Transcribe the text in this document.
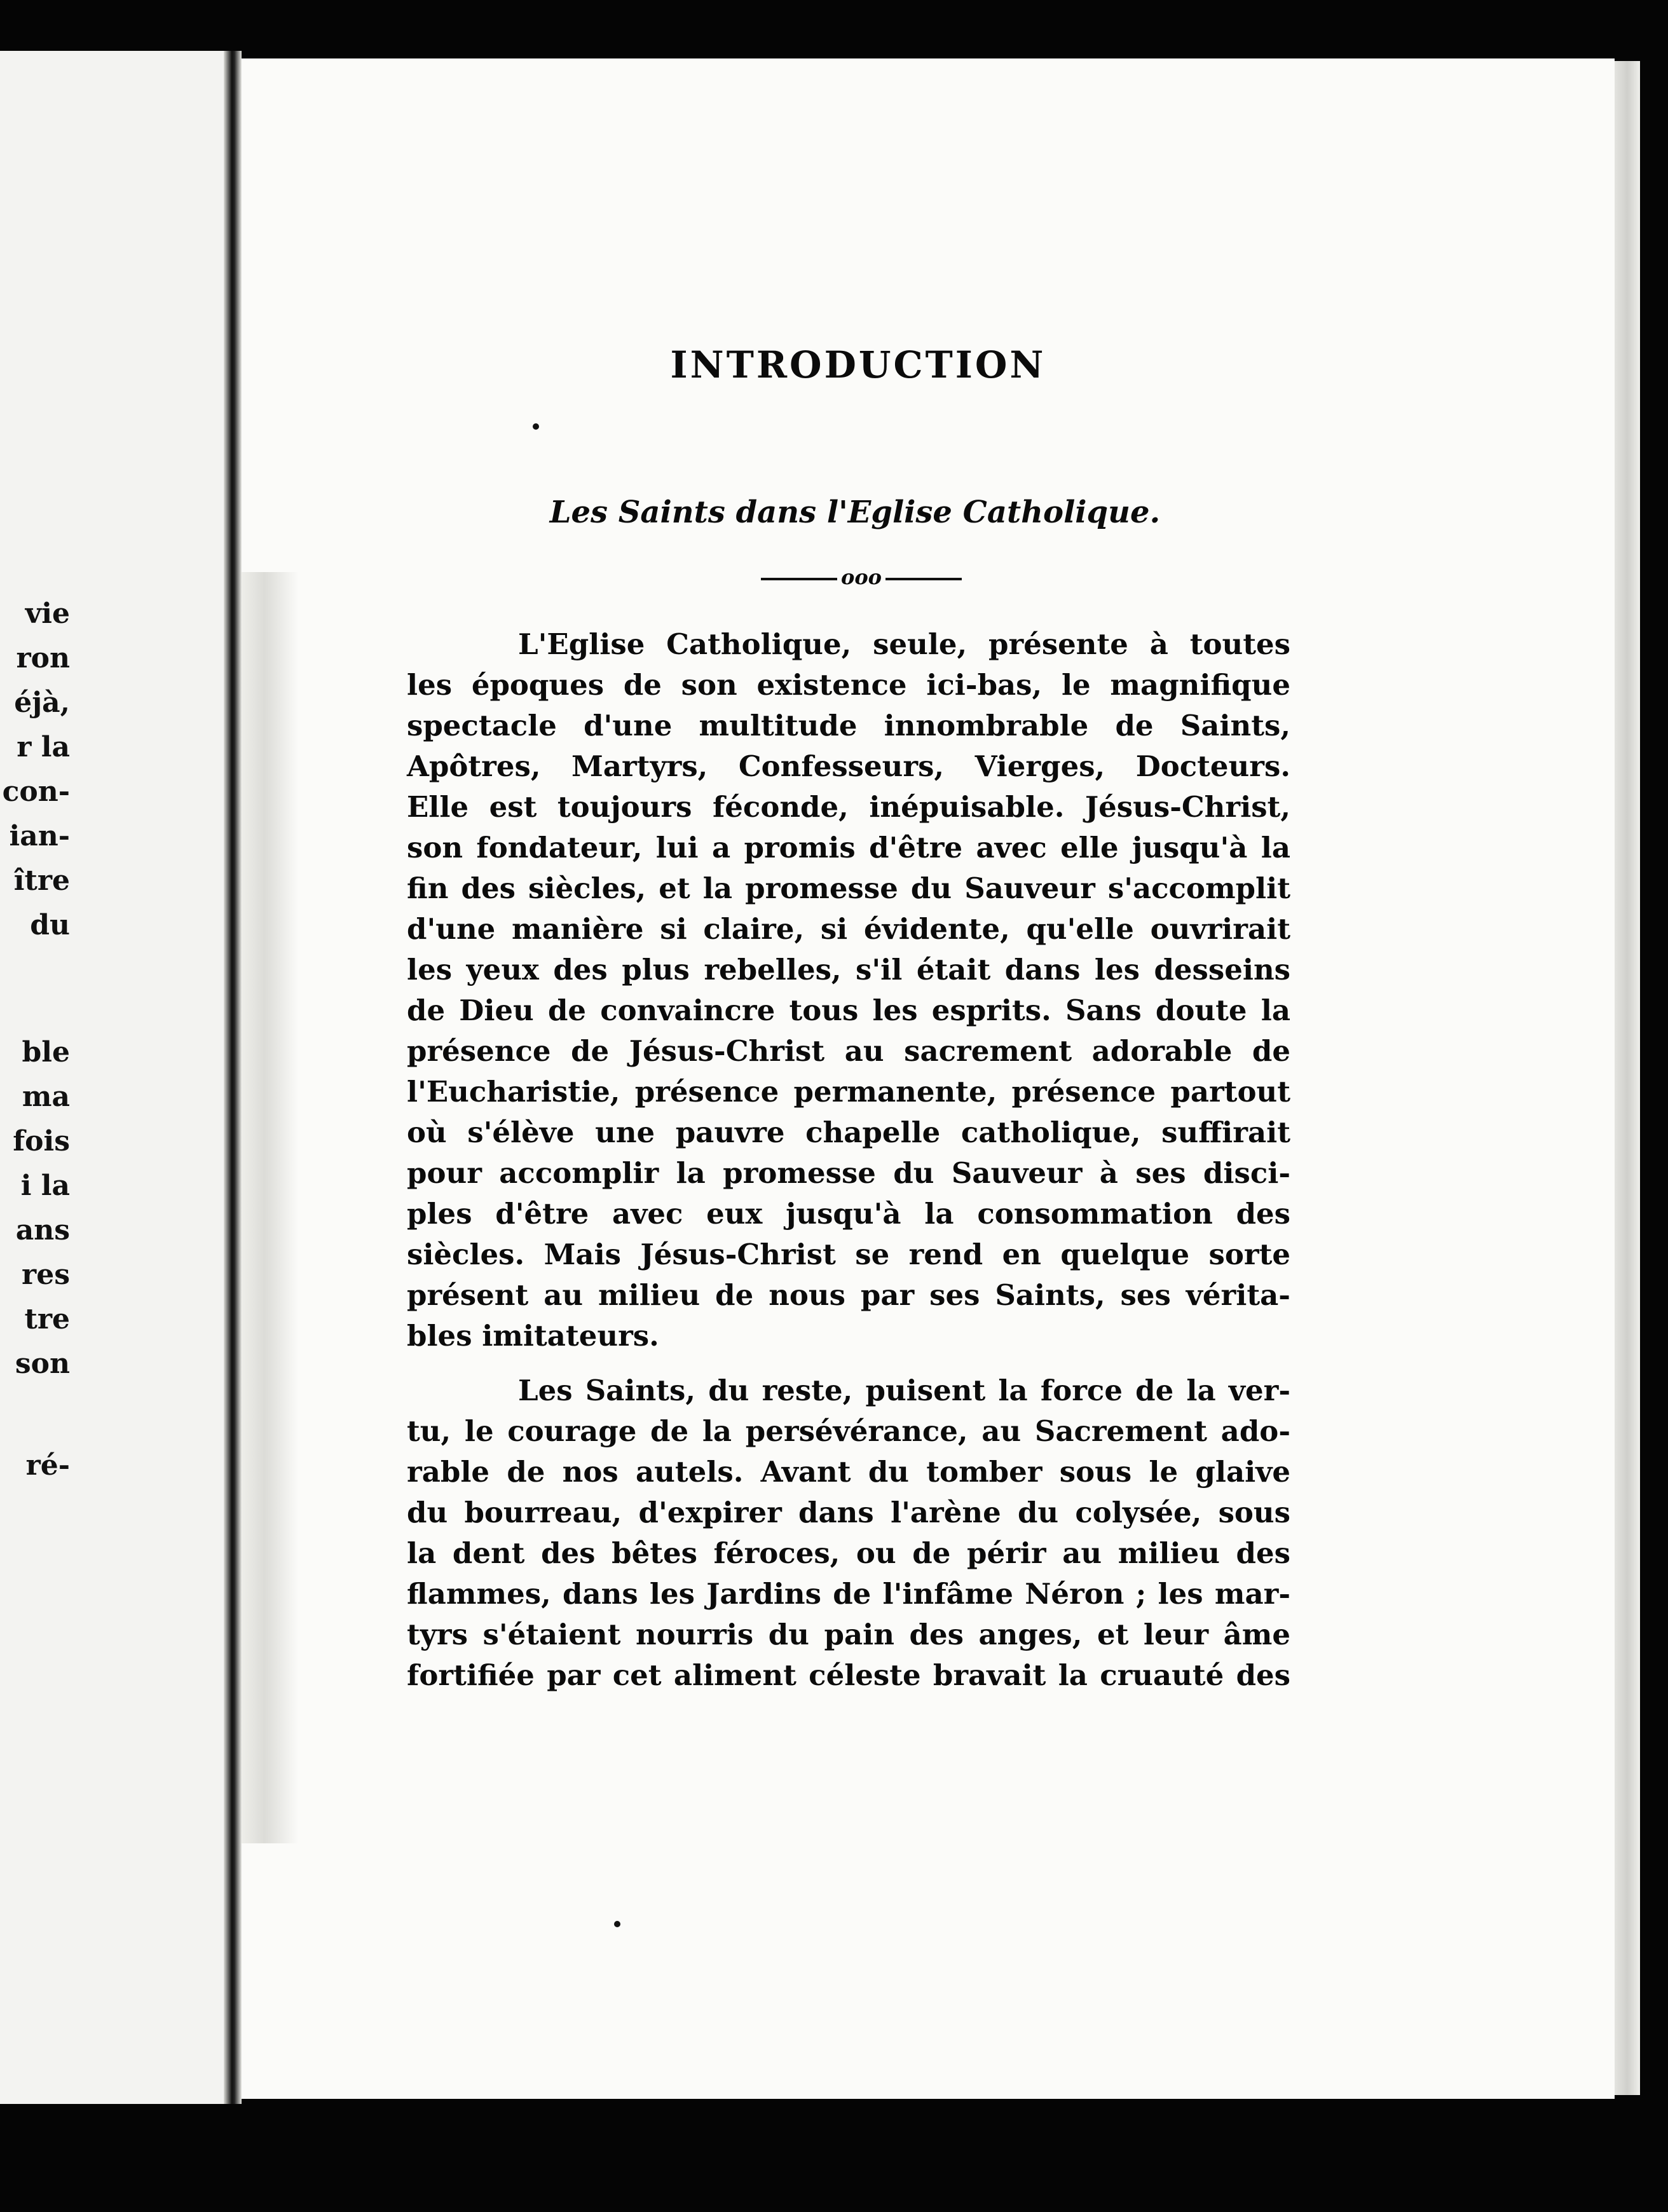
vie
ron
éjà,
r la
con-
ian-
ître
du
ble
ma
fois
i la
ans
res
tre
son
ré-
INTRODUCTION
Les Saints dans l'Eglise Catholique.
ooo
L'Eglise Catholique, seule, présente à toutes
les époques de son existence ici-bas, le magnifique
spectacle d'une multitude innombrable de Saints,
Apôtres, Martyrs, Confesseurs, Vierges, Docteurs.
Elle est toujours féconde, inépuisable. Jésus-Christ,
son fondateur, lui a promis d'être avec elle jusqu'à la
fin des siècles, et la promesse du Sauveur s'accomplit
d'une manière si claire, si évidente, qu'elle ouvrirait
les yeux des plus rebelles, s'il était dans les desseins
de Dieu de convaincre tous les esprits. Sans doute la
présence de Jésus-Christ au sacrement adorable de
l'Eucharistie, présence permanente, présence partout
où s'élève une pauvre chapelle catholique, suffirait
pour accomplir la promesse du Sauveur à ses disci-
ples d'être avec eux jusqu'à la consommation des
siècles. Mais Jésus-Christ se rend en quelque sorte
présent au milieu de nous par ses Saints, ses vérita-
bles imitateurs.
Les Saints, du reste, puisent la force de la ver-
tu, le courage de la persévérance, au Sacrement ado-
rable de nos autels. Avant du tomber sous le glaive
du bourreau, d'expirer dans l'arène du colysée, sous
la dent des bêtes féroces, ou de périr au milieu des
flammes, dans les Jardins de l'infâme Néron ; les mar-
tyrs s'étaient nourris du pain des anges, et leur âme
fortifiée par cet aliment céleste bravait la cruauté des
